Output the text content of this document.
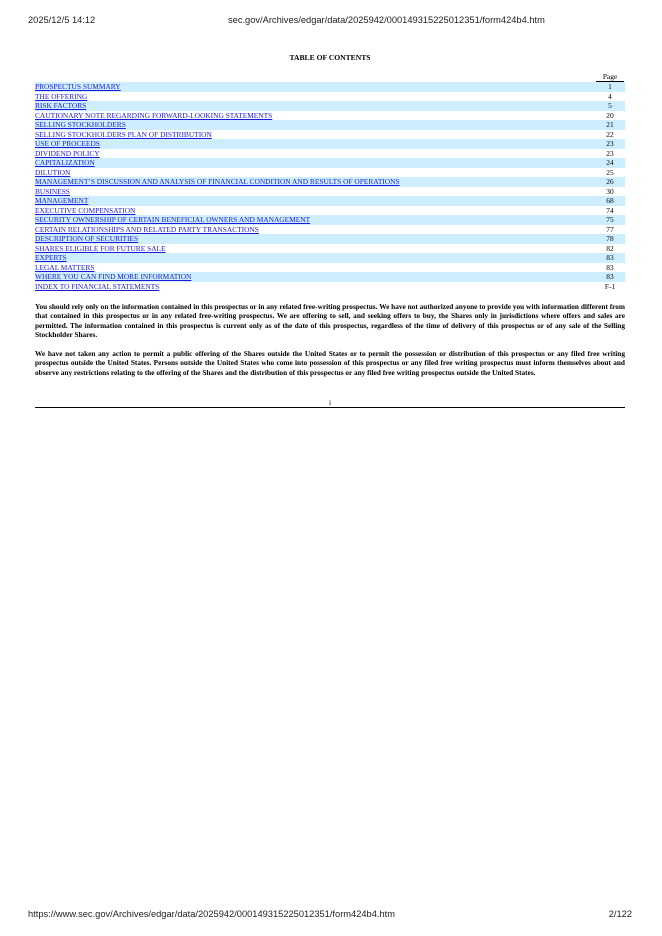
2025/12/5 14:12	sec.gov/Archives/edgar/data/2025942/000149315225012351/form424b4.htm
TABLE OF CONTENTS
	Page
PROSPECTUS SUMMARY	1
THE OFFERING	4
RISK FACTORS	5
CAUTIONARY NOTE REGARDING FORWARD-LOOKING STATEMENTS	20
SELLING STOCKHOLDERS	21
SELLING STOCKHOLDERS PLAN OF DISTRIBUTION	22
USE OF PROCEEDS	23
DIVIDEND POLICY	23
CAPITALIZATION	24
DILUTION	25
MANAGEMENT’S DISCUSSION AND ANALYSIS OF FINANCIAL CONDITION AND RESULTS OF OPERATIONS	26
BUSINESS	30
MANAGEMENT	68
EXECUTIVE COMPENSATION	74
SECURITY OWNERSHIP OF CERTAIN BENEFICIAL OWNERS AND MANAGEMENT	75
CERTAIN RELATIONSHIPS AND RELATED PARTY TRANSACTIONS	77
DESCRIPTION OF SECURITIES	78
SHARES ELIGIBLE FOR FUTURE SALE	82
EXPERTS	83
LEGAL MATTERS	83
WHERE YOU CAN FIND MORE INFORMATION	83
INDEX TO FINANCIAL STATEMENTS	F-1

You should rely only on the information contained in this prospectus or in any related free-writing prospectus. We have not authorized anyone to provide you with information different from that contained in this prospectus or in any related free-writing prospectus. We are offering to sell, and seeking offers to buy, the Shares only in jurisdictions where offers and sales are permitted. The information contained in this prospectus is current only as of the date of this prospectus, regardless of the time of delivery of this prospectus or of any sale of the Selling Stockholder Shares.

We have not taken any action to permit a public offering of the Shares outside the United States or to permit the possession or distribution of this prospectus or any filed free writing prospectus outside the United States. Persons outside the United States who come into possession of this prospectus or any filed free writing prospectus must inform themselves about and observe any restrictions relating to the offering of the Shares and the distribution of this prospectus or any filed free writing prospectus outside the United States.

i
https://www.sec.gov/Archives/edgar/data/2025942/000149315225012351/form424b4.htm	2/122
